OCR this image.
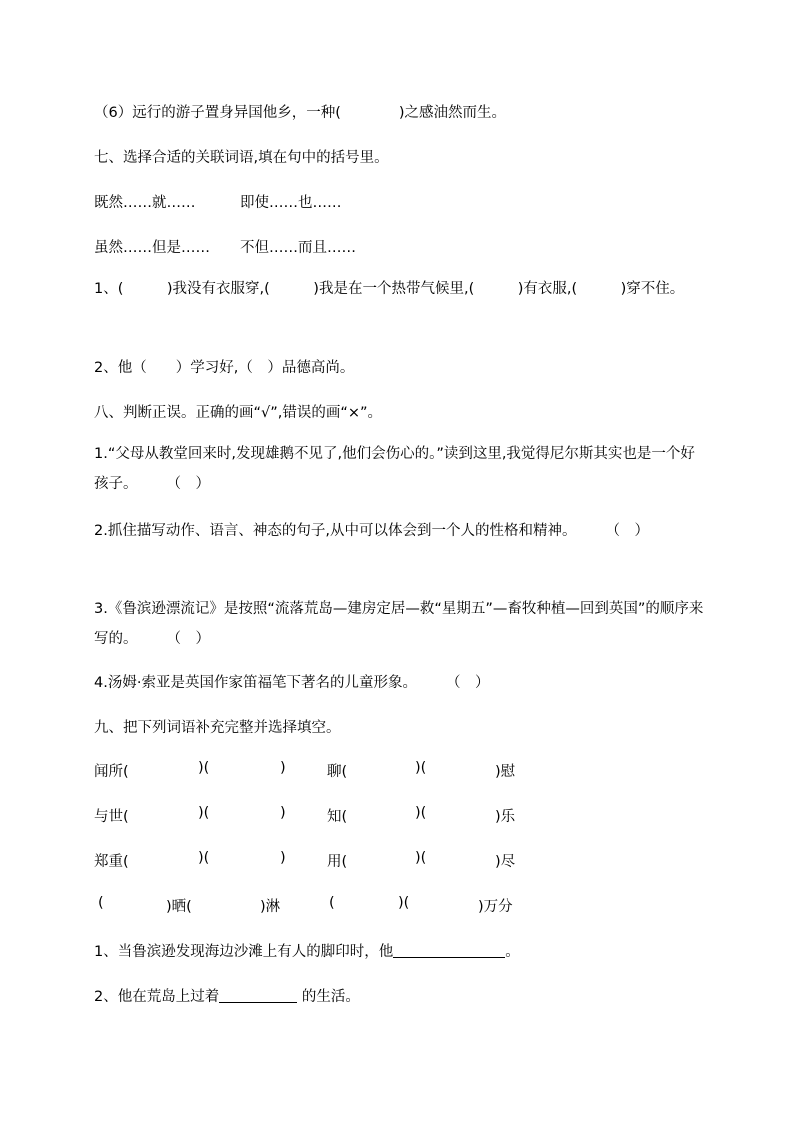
（6）远行的游子置身异国他乡，一种(　　　　)之感油然而生。
七、选择合适的关联词语,填在句中的括号里。
既然……就……	即使……也……
虽然……但是…… 不但……而且……
1、(　　　)我没有衣服穿,(　　　)我是在一个热带气候里,(　　　)有衣服,(　　　)穿不住。
2、他（　　）学习好,（　）品德高尚。
八、判断正误。正确的画“√”,错误的画“×”。
1.“父母从教堂回来时,发现雄鹅不见了,他们会伤心的。”读到这里,我觉得尼尔斯其实也是一个好孩子。　　　（　）
2.抓住描写动作、语言、神态的句子,从中可以体会到一个人的性格和精神。　　　（　）
3.《鲁滨逊漂流记》是按照“流落荒岛—建房定居—救“星期五”—畜牧种植—回到英国”的顺序来写的。　　　（　）
4.汤姆·索亚是英国作家笛福笔下著名的儿童形象。　　　（　）
九、把下列词语补充完整并选择填空。
闻所(	)(	)	聊(	)(	)慰
与世(	)(	)	知(	)(	)乐
郑重(	)(	)	用(	)(	)尽
(	)晒(	)淋	(	)(	)万分
1、当鲁滨逊发现海边沙滩上有人的脚印时，他	。
2、他在荒岛上过着	的生活。
